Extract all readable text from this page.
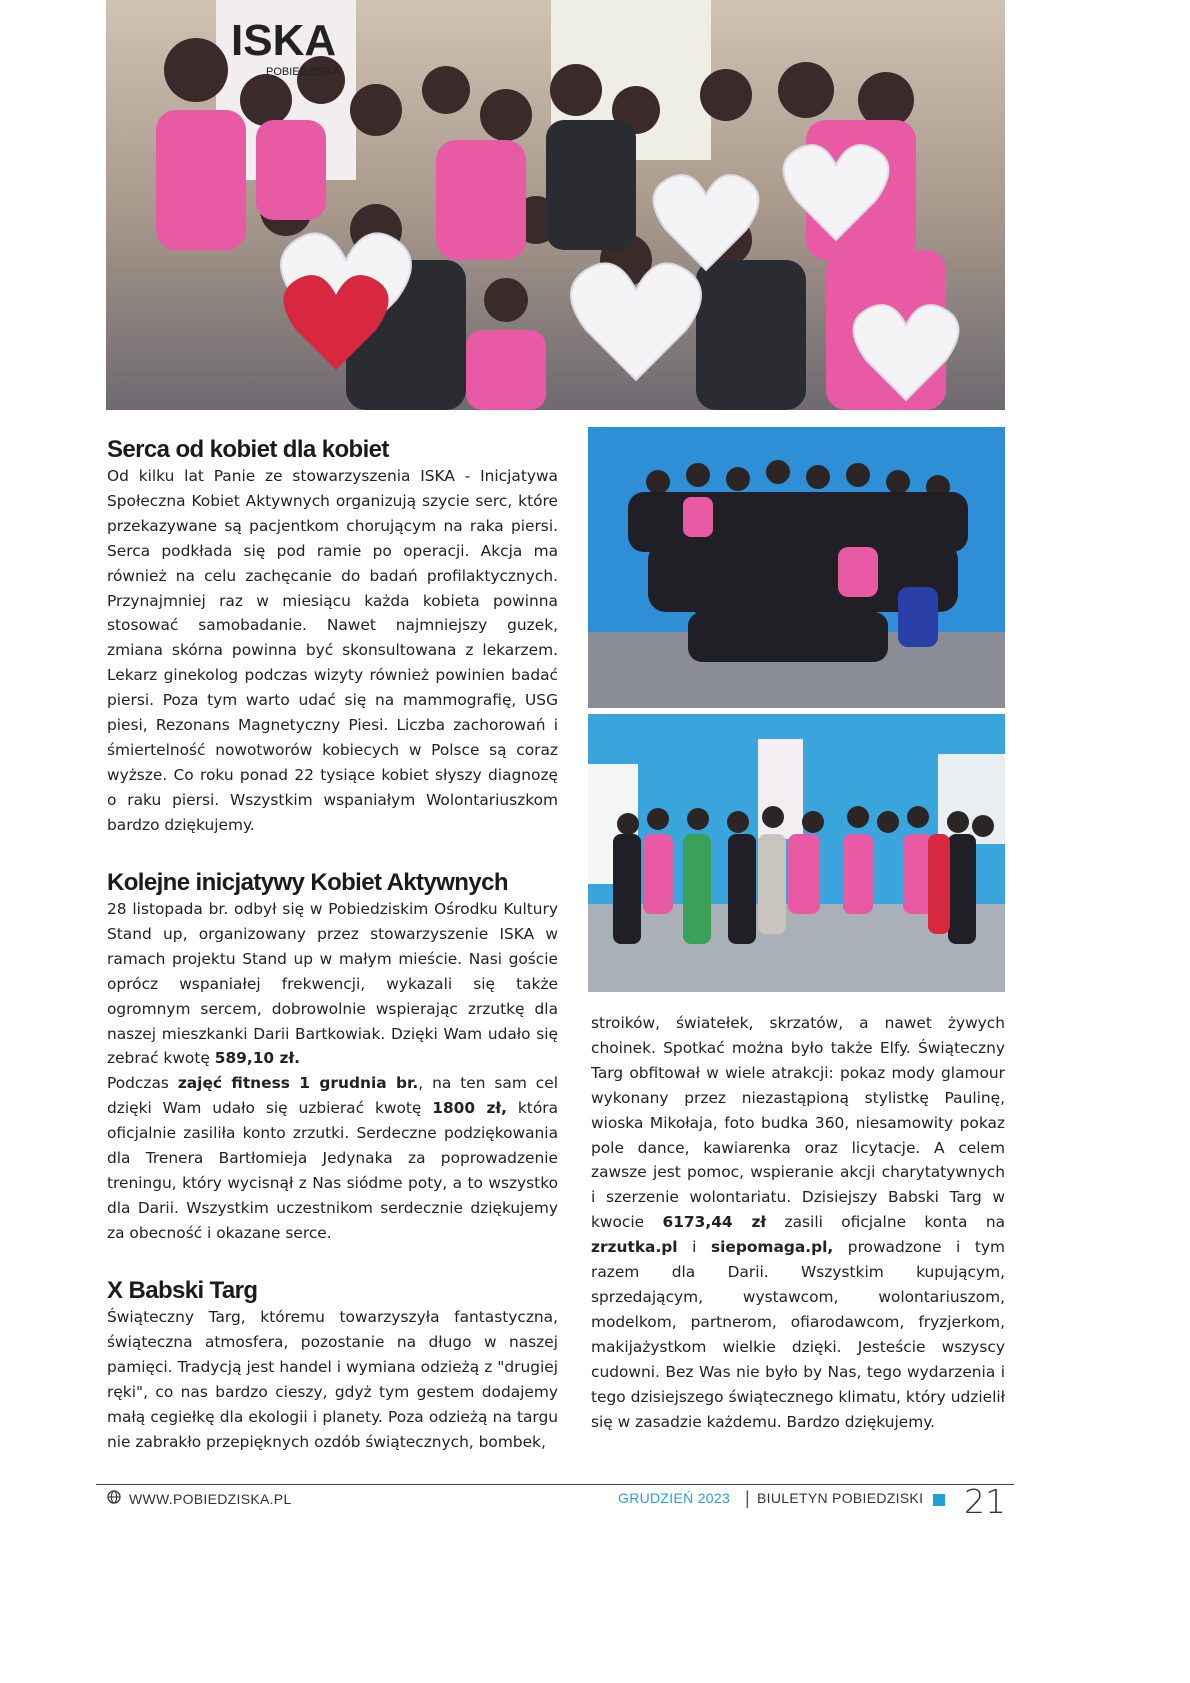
ISKA
POBIEDZISKA
Serca od kobiet dla kobiet

Od kilku lat Panie ze stowarzyszenia ISKA - Inicjatywa Społeczna Kobiet Aktywnych organizują szycie serc, które przekazywane są pacjentkom chorującym na raka piersi. Serca podkłada się pod ramie po operacji. Akcja ma również na celu zachęcanie do badań profilaktycznych. Przynajmniej raz w miesiącu każda kobieta powinna stosować samobadanie. Nawet najmniejszy guzek, zmiana skórna powinna być skonsultowana z lekarzem. Lekarz ginekolog podczas wizyty również powinien badać piersi. Poza tym warto udać się na mammografię, USG piesi, Rezonans Magnetyczny Piesi. Liczba zachorowań i śmiertelność nowotworów kobiecych w Polsce są coraz wyższe. Co roku ponad 22 tysiące kobiet słyszy diagnozę o raku piersi. Wszystkim wspaniałym Wolontariuszkom bardzo dziękujemy.

Kolejne inicjatywy Kobiet Aktywnych

28 listopada br. odbył się w Pobiedziskim Ośrodku Kultury Stand up, organizowany przez stowarzyszenie ISKA w ramach projektu Stand up w małym mieście. Nasi goście oprócz wspaniałej frekwencji, wykazali się także ogromnym sercem, dobrowolnie wspierając zrzutkę dla naszej mieszkanki Darii Bartkowiak. Dzięki Wam udało się zebrać kwotę 589,10 zł.

Podczas zajęć fitness 1 grudnia br., na ten sam cel dzięki Wam udało się uzbierać kwotę 1800 zł, która oficjalnie zasiliła konto zrzutki. Serdeczne podziękowania dla Trenera Bartłomieja Jedynaka za poprowadzenie treningu, który wycisnął z Nas siódme poty, a to wszystko dla Darii. Wszystkim uczestnikom serdecznie dziękujemy za obecność i okazane serce.

X Babski Targ

Świąteczny Targ, któremu towarzyszyła fantastyczna, świąteczna atmosfera, pozostanie na długo w naszej pamięci. Tradycją jest handel i wymiana odzieżą z "drugiej ręki", co nas bardzo cieszy, gdyż tym gestem dodajemy małą cegiełkę dla ekologii i planety. Poza odzieżą na targu nie zabrakło przepięknych ozdób świątecznych, bombek,

stroików, światełek, skrzatów, a nawet żywych choinek. Spotkać można było także Elfy. Świąteczny Targ obfitował w wiele atrakcji: pokaz mody glamour wykonany przez niezastąpioną stylistkę Paulinę, wioska Mikołaja, foto budka 360, niesamowity pokaz pole dance, kawiarenka oraz licytacje. A celem zawsze jest pomoc, wspieranie akcji charytatywnych i szerzenie wolontariatu. Dzisiejszy Babski Targ w kwocie 6173,44 zł zasili oficjalne konta na zrzutka.pl i siepomaga.pl, prowadzone i tym razem dla Darii. Wszystkim kupującym, sprzedającym, wystawcom, wolontariuszom, modelkom, partnerom, ofiarodawcom, fryzjerkom, makijażystkom wielkie dzięki. Jesteście wszyscy cudowni. Bez Was nie było by Nas, tego wydarzenia i tego dzisiejszego świątecznego klimatu, który udzielił się w zasadzie każdemu. Bardzo dziękujemy.

WWW.POBIEDZISKA.PL	GRUDZIEŃ 2023 | BIULETYN POBIEDZISKI 21
